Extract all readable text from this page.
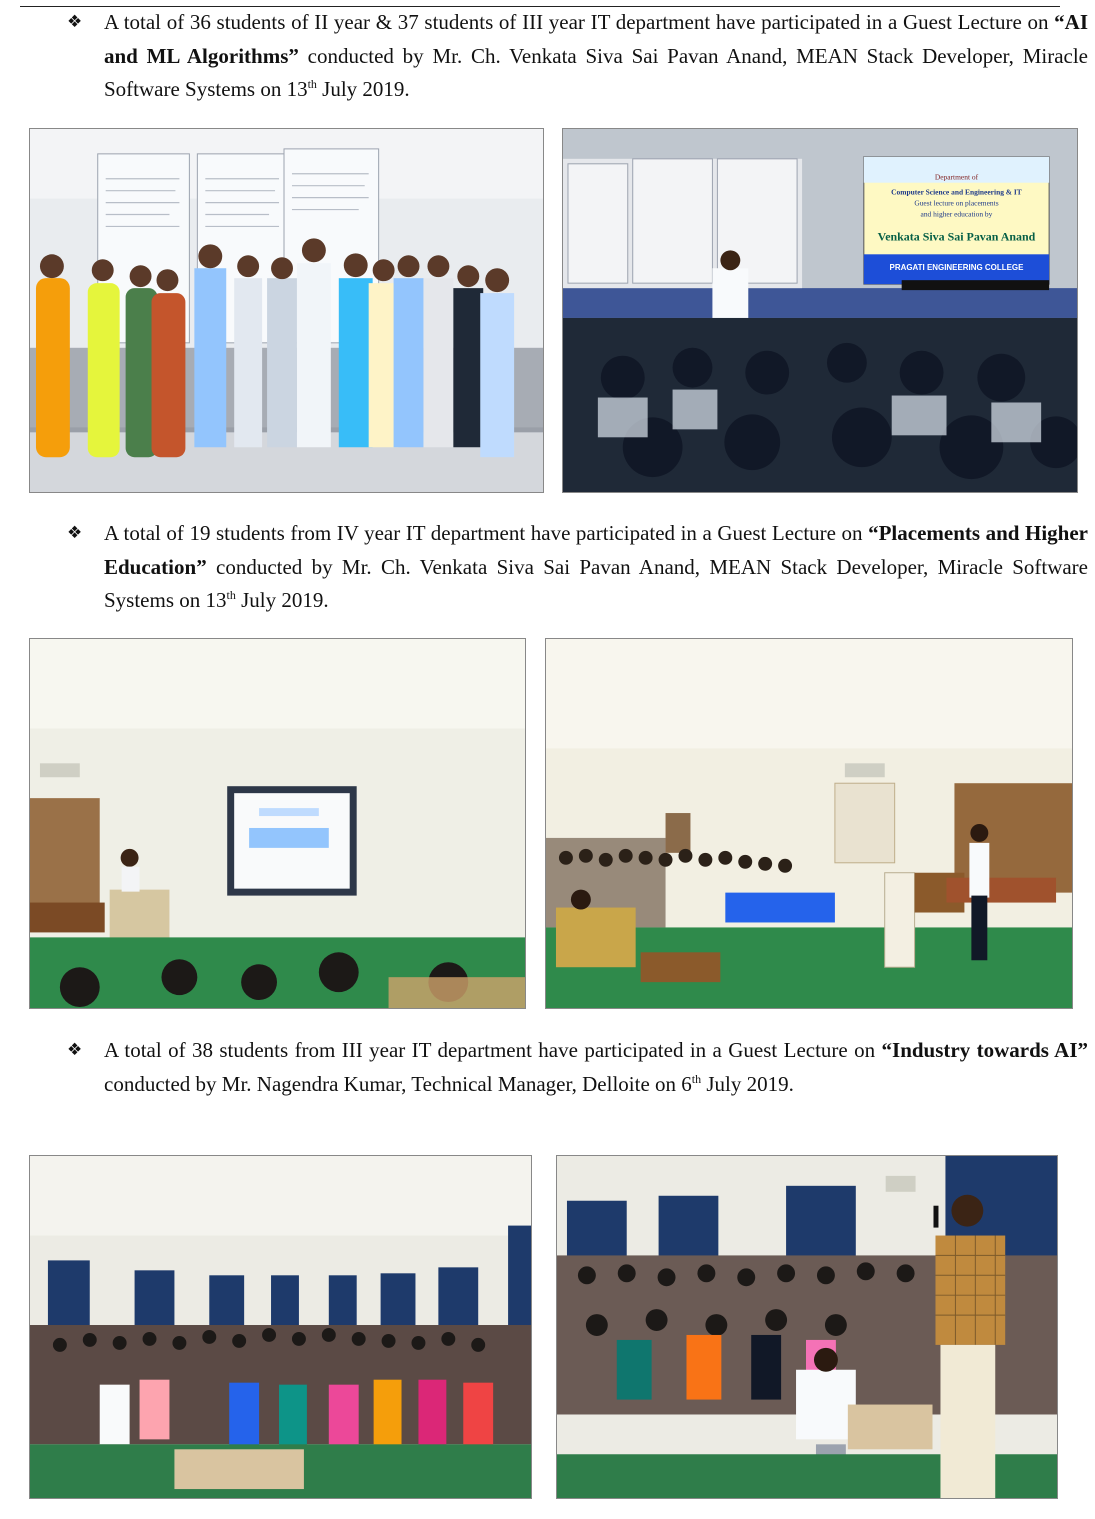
❖	A total of 36 students of II year & 37 students of III year IT department have participated in a Guest Lecture on “AI and ML Algorithms” conducted by Mr. Ch. Venkata Siva Sai Pavan Anand, MEAN Stack Developer, Miracle Software Systems on 13th July 2019.
Department of
Computer Science and Engineering & IT
Guest lecture on placements
and higher education by
Venkata Siva Sai Pavan Anand
PRAGATI ENGINEERING COLLEGE
❖	A total of 19 students from IV year IT department have participated in a Guest Lecture on “Placements and Higher Education” conducted by Mr. Ch. Venkata Siva Sai Pavan Anand, MEAN Stack Developer, Miracle Software Systems on 13th July 2019.
❖	A total of 38 students from III year IT department have participated in a Guest Lecture on “Industry towards AI” conducted by Mr. Nagendra Kumar, Technical Manager, Delloite on 6th July 2019.
